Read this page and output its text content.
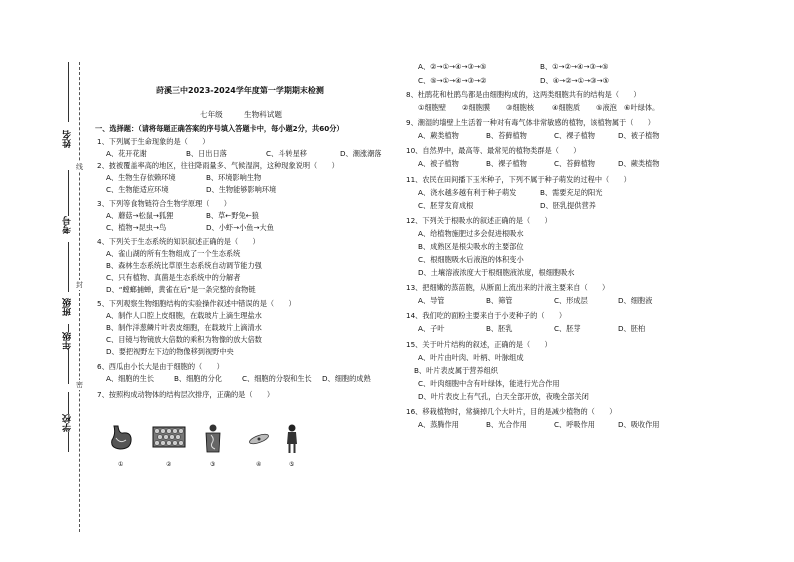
姓名
线
考号
班级
封
年级
密
学校
莳溪三中2023-2024学年度第一学期期末检测
七年级	生物科试题
一、选择题：（请将每题正确答案的序号填入答题卡中，每小题2分，共60分）
1、下列属于生命现象的是（　　）
A、花开花谢	B、日出日落	C、斗转星移	D、潮涨潮落
2、披被覆盖率高的地区，往往降雨量多、气候湿润，这种现象说明（　　）
A、生物生存依赖环境	B、环境影响生物
C、生物能适应环境	D、生物能够影响环境
3、下列等食物链符合生物学原理（　　）
A、蘑菇→松鼠→狐狸	B、草←野兔←狼
C、植物→昆虫→鸟	D、小虾→小鱼→大鱼
4、下列关于生态系统的知识叙述正确的是（　　）
A、雀山湖的所有生物组成了一个生态系统
B、森林生态系统比草原生态系统自动调节能力强
C、只有植物、真菌是生态系统中的分解者
D、“螳螂捕蝉，黄雀在后”是一条完整的食物链
5、下列观察生物细胞结构的实验操作叙述中错误的是（　　）
A、制作人口腔上皮细胞，在载玻片上滴生理盐水
B、制作洋葱鳞片叶表皮细胞，在载玻片上滴清水
C、目镜与物镜放大倍数的乘积为物像的放大倍数
D、要把视野左下边的物像移到视野中央
6、西瓜由小长大是由于细胞的（　　）
A、细胞的生长	B、细胞的分化	C、细胞的分裂和生长 D、细胞的成熟
7、按照构成动物体的结构层次排序，正确的是（　　）
①	②	③	④	⑤
A、②→①→④→③→⑤	B、①→②→④→③→⑤
C、⑤→①→④→③→②	D、④→②→①→③→⑤
8、杜鹃花和杜鹃鸟都是由细胞构成的，这两类细胞共有的结构是（　　）
①细胞壁 ②细胞膜 ③细胞核 ④细胞质 ⑤液泡 ⑥叶绿体。
9、潮湿的墙壁上生活着一种对有毒气体非常敏感的植物，该植物属于（　　）
A、蕨类植物	B、苔藓植物	C、裸子植物	D、被子植物
10、自然界中，最高等、最常见的植物类群是（　　）
A、被子植物	B、裸子植物	C、苔藓植物	D、蕨类植物
11、农民在田间播下玉米种子，下列不属于种子萌发的过程中（　　）
A、浇水越多越有利于种子萌发	B、需要充足的阳光
C、胚芽发育成根	D、胚乳提供营养
12、下列关于根吸水的叙述正确的是（　　）
A、给植物施肥过多会促进根吸水
B、成熟区是根尖吸水的主要部位
C、根细胞吸水后液泡的体积变小
D、土壤溶液浓度大于根细胞液浓度，根细胞吸水
13、把细嫩的蒸苗胞，从断面上流出来的汁液主要来自（　　）
A、导管	B、筛管	C、形成层	D、细胞液
14、我们吃的面粉主要来自于小麦种子的（　　）
A、子叶	B、胚乳	C、胚芽	D、胚柏
15、关于叶片结构的叙述，正确的是（　　）
A、叶片由叶肉、叶柄、叶脉组成
B、叶片表皮属于营养组织
C、叶肉细胞中含有叶绿体，能进行光合作用
D、叶片表皮上有气孔，白天全部开放，夜晚全部关闭
16、移栽植物时，常摘掉几个大叶片，目的是减少植物的（　　）
A、蒸腾作用	B、光合作用	C、呼吸作用	D、吸收作用
